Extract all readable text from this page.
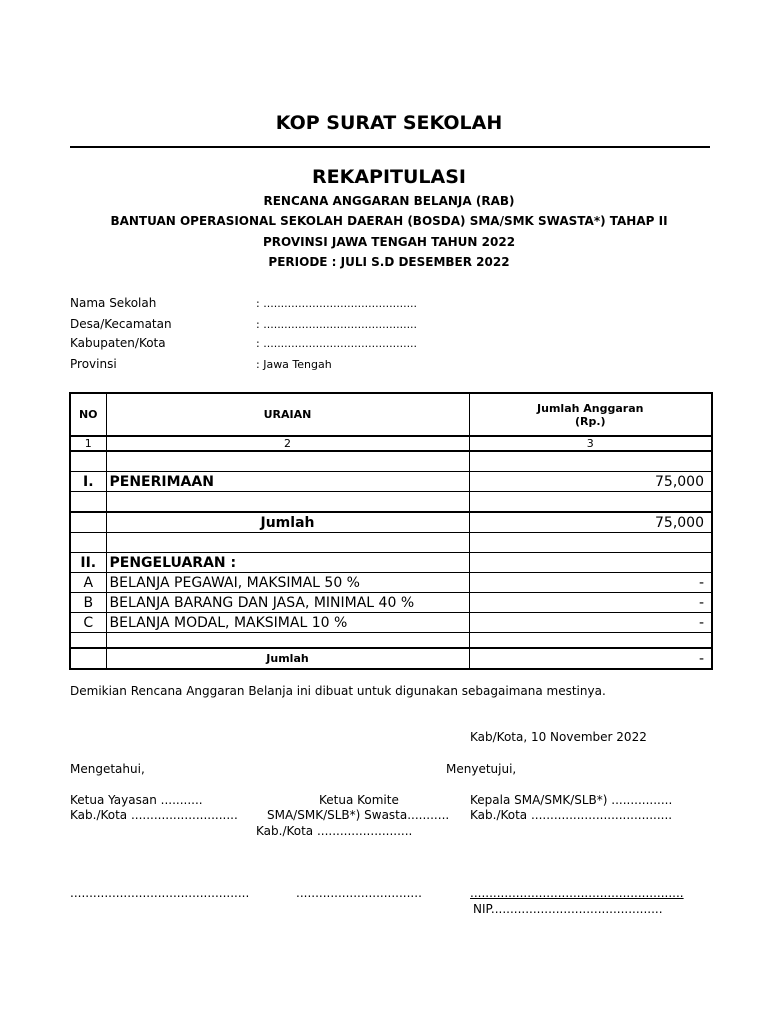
KOP SURAT SEKOLAH
REKAPITULASI
RENCANA ANGGARAN BELANJA (RAB)
BANTUAN OPERASIONAL SEKOLAH DAERAH (BOSDA) SMA/SMK SWASTA*) TAHAP II
PROVINSI JAWA TENGAH TAHUN 2022
PERIODE : JULI S.D DESEMBER 2022
Nama Sekolah	: ............................................
Desa/Kecamatan	: ............................................
Kabupaten/Kota	: ............................................
Provinsi	: Jawa Tengah
NO	URAIAN	Jumlah Anggaran
(Rp.)

1	2	3

I.	PENERIMAAN	75,000

	Jumlah	75,000

II.	PENGELUARAN :	
A	BELANJA PEGAWAI, MAKSIMAL 50 %	-
B	BELANJA BARANG DAN JASA, MINIMAL 40 %	-
C	BELANJA MODAL, MAKSIMAL 10 %	-

	Jumlah	-
Demikian Rencana Anggaran Belanja ini dibuat untuk digunakan sebagaimana mestinya.
Kab/Kota, 10 November 2022
Mengetahui,	Menyetujui,
Ketua Yayasan ...........
Kab./Kota ............................
Ketua Komite
SMA/SMK/SLB*) Swasta...........
Kab./Kota .........................
Kepala SMA/SMK/SLB*) ................
Kab./Kota .....................................
...............................................	.................................	........................................................
NIP.............................................
